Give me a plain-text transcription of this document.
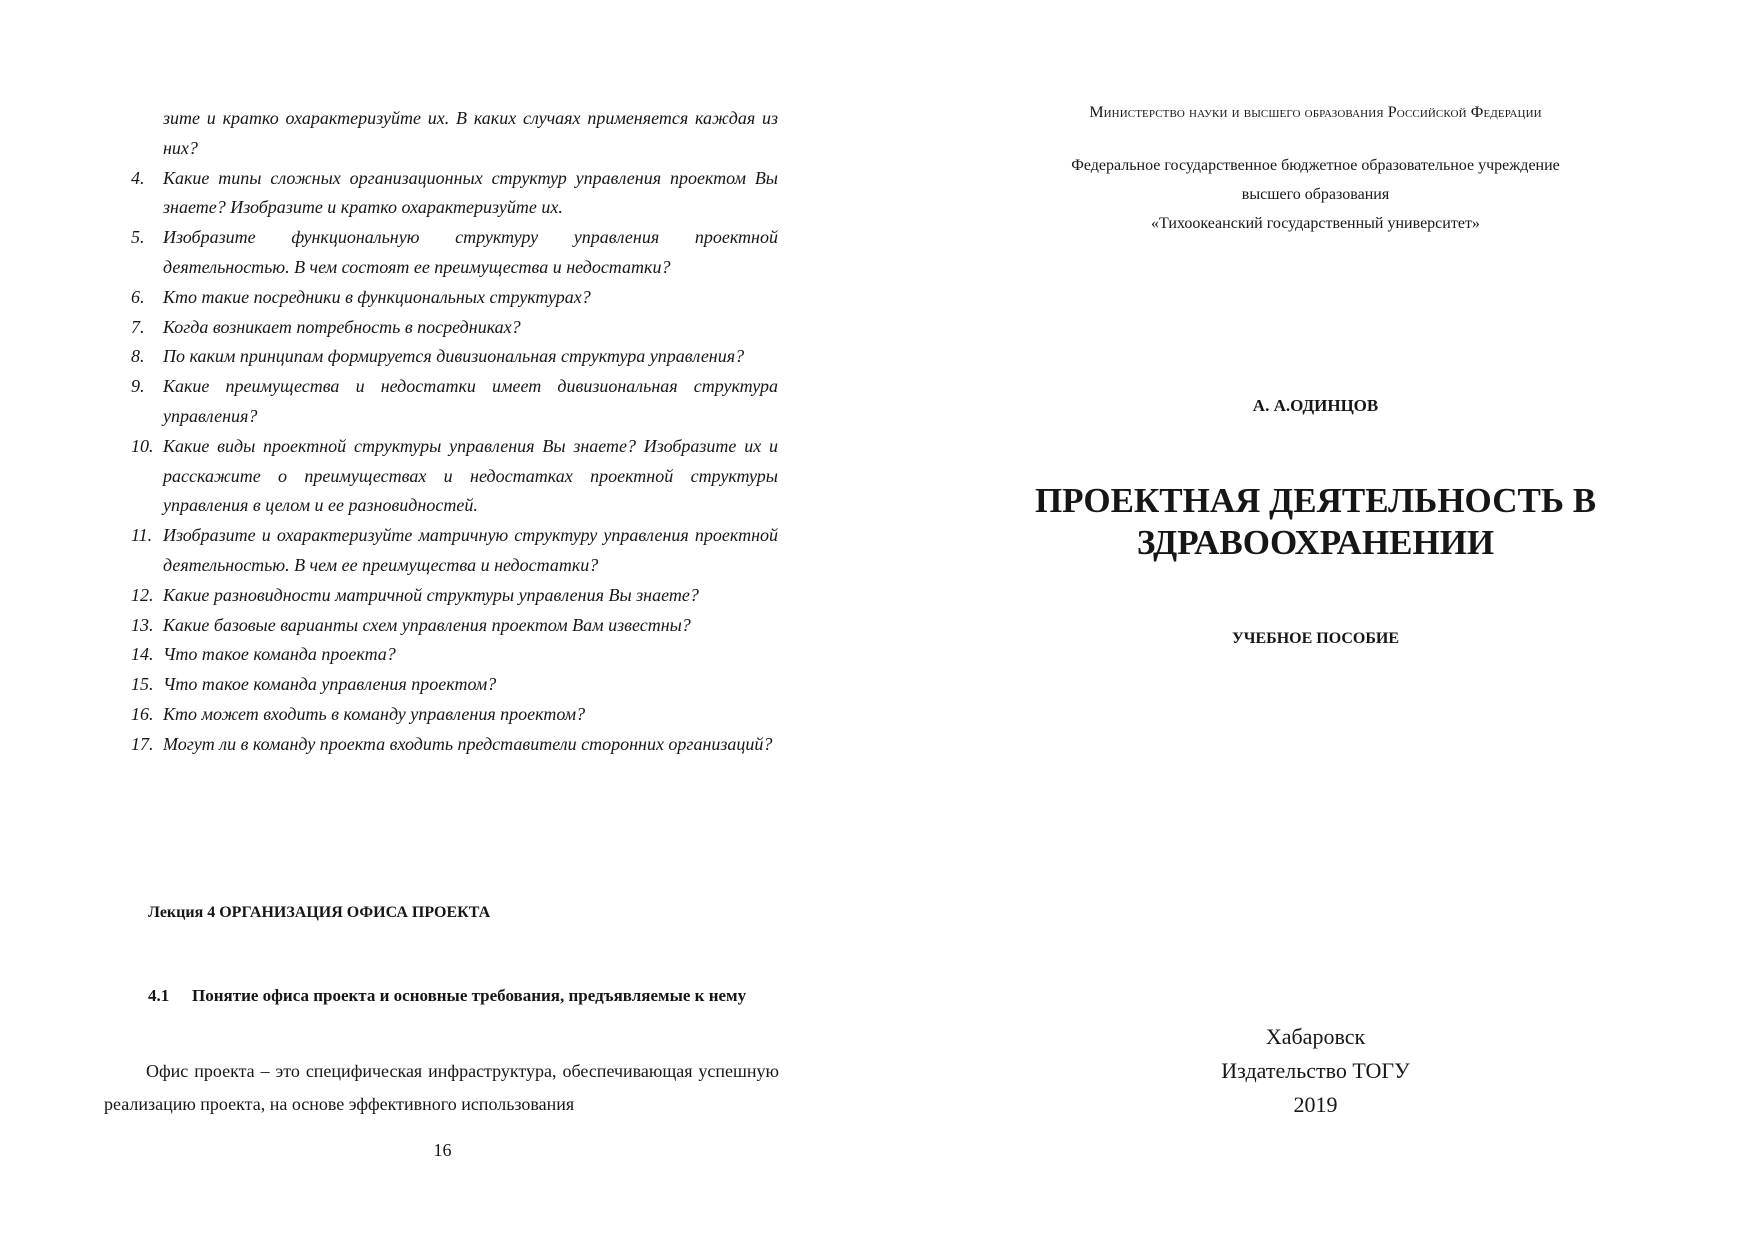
зите и кратко охарактеризуйте их. В каких случаях применяется каждая из них?
4.	Какие типы сложных организационных структур управления проектом Вы знаете? Изобразите и кратко охарактеризуйте их.
5.	Изобразите функциональную структуру управления проектной деятельностью. В чем состоят ее преимущества и недостатки?
6.	Кто такие посредники в функциональных структурах?
7.	Когда возникает потребность в посредниках?
8.	По каким принципам формируется дивизиональная структура управления?
9.	Какие преимущества и недостатки имеет дивизиональная структура управления?
10. Какие виды проектной структуры управления Вы знаете? Изобразите их и расскажите о преимуществах и недостатках проектной структуры управления в целом и ее разновидностей.
11. Изобразите и охарактеризуйте матричную структуру управления проектной деятельностью. В чем ее преимущества и недостатки?
12. Какие разновидности матричной структуры управления Вы знаете?
13. Какие базовые варианты схем управления проектом Вам известны?
14. Что такое команда проекта?
15. Что такое команда управления проектом?
16. Кто может входить в команду управления проектом?
17. Могут ли в команду проекта входить представители сторонних организаций?

Лекция 4 ОРГАНИЗАЦИЯ ОФИСА ПРОЕКТА

4.1	Понятие офиса проекта и основные требования, предъявляемые к нему

Офис проекта – это специфическая инфраструктура, обеспечивающая успешную реализацию проекта, на основе эффективного использования

16

Министерство науки и высшего образования Российской Федерации

Федеральное государственное бюджетное образовательное учреждение
высшего образования
«Тихоокеанский государственный университет»

А. А.ОДИНЦОВ

ПРОЕКТНАЯ ДЕЯТЕЛЬНОСТЬ В
ЗДРАВООХРАНЕНИИ

УЧЕБНОЕ ПОСОБИЕ

Хабаровск
Издательство ТОГУ
2019
